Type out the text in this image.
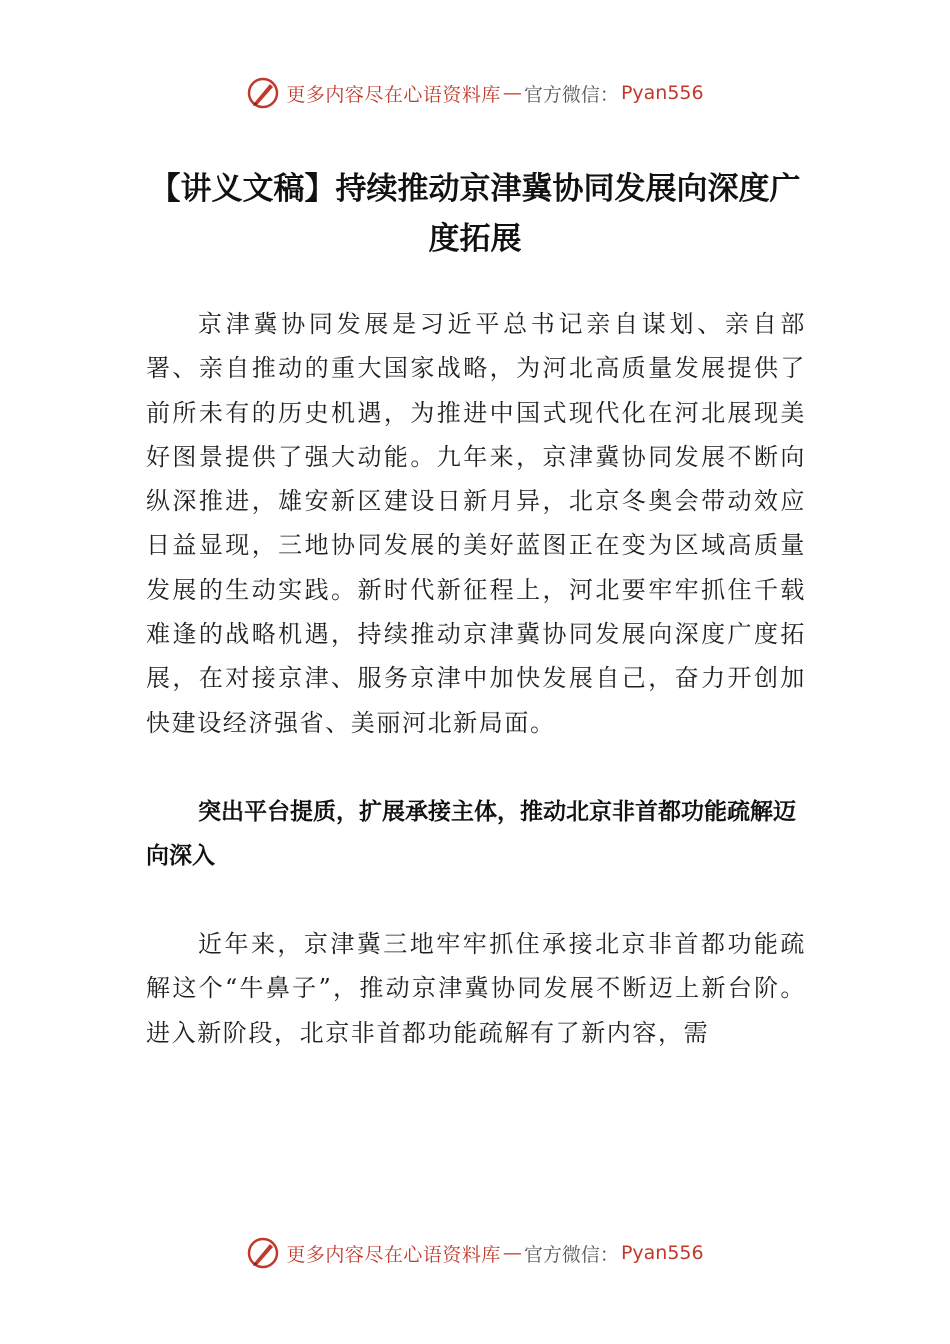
更多内容尽在心语资料库 — 官方微信： Pyan556
【讲义文稿】持续推动京津冀协同发展向深度广度拓展

京津冀协同发展是习近平总书记亲自谋划、亲自部署、亲自推动的重大国家战略，为河北高质量发展提供了前所未有的历史机遇，为推进中国式现代化在河北展现美好图景提供了强大动能。九年来，京津冀协同发展不断向纵深推进，雄安新区建设日新月异，北京冬奥会带动效应日益显现，三地协同发展的美好蓝图正在变为区域高质量发展的生动实践。新时代新征程上，河北要牢牢抓住千载难逢的战略机遇，持续推动京津冀协同发展向深度广度拓展，在对接京津、服务京津中加快发展自己，奋力开创加快建设经济强省、美丽河北新局面。

突出平台提质，扩展承接主体，推动北京非首都功能疏解迈向深入

近年来，京津冀三地牢牢抓住承接北京非首都功能疏解这个“牛鼻子”，推动京津冀协同发展不断迈上新台阶。进入新阶段，北京非首都功能疏解有了新内容，需

更多内容尽在心语资料库 — 官方微信： Pyan556
